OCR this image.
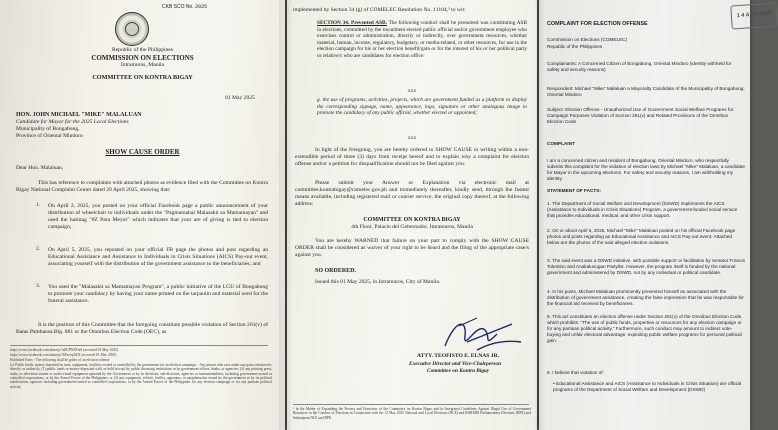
CKB SCO No. 2025
Republic of the Philippines
COMMISSION ON ELECTIONS
Intramuros, Manila
COMMITTEE ON KONTRA BIGAY
01 May 2025
HON. JOHN MICHAEL "MIKE" MALALUAN
Candidate for Mayor for the 2025 Local Elections
Municipality of Bongabong,
Province of Oriental Mindoro
SHOW CAUSE ORDER
Dear Hon. Malaluan,
This has reference to complaints with attached photos as evidence filed with the Committee on Kontra Bigay National Complaint Center dated 29 April 2025, showing that:
1. On April 2, 2025, you posted on your official Facebook page a public announcement of your distribution of wheelchair to individuals under the "Pagmamahal Malasakit sa Mamamayan" and used the hashtag "#Z Para Meyor" which indicates that your are of giving is tied to election campaign;
2. On April 5, 2025, you reposted on your official FB page the photos and post regarding an Educational Assistance and Assistance to Individuals in Crisis Situations (AICS) Pay-out event, associating yourself with the distribution of the government assistance to the beneficiaries; and
3. You used the "Malasakit sa Mamamayan Program", a public initiative of the LGU of Bongabong to promote your candidacy by having your name printed on the tarpaulin and material used for the funeral assistance.
It is the position of this Committee that the foregoing constitute possible violation of Section 261(v) of Batas Pambansa Blg. 881 or the Omnibus Election Code (OEC), as
https://www.facebook.com/share/p/1a9UPNXOzS (accessed 01 May 2025)
https://www.facebook.com/share/p/16Fwvqi5ZX (accessed 01 May 2025)
Published Facts - The following shall be guilty of an election offense:
(v) Public funds, money deposited in trust, equipment, facilities owned or controlled by the government for an election campaign. - Any person who uses under any guise whatsoever, directly or indirectly, (1) public funds or money deposited with, or held in trust by, public financing institutions or by government offices, banks, or agencies; (2) any printing press, radio, or television station or audio-visual equipment operated by the Government or by its divisions, sub-divisions, agencies or instrumentalities, including government-owned or controlled corporations, or by the Armed Forces of the Philippines; or (3) any equipment, vehicle, facility, apparatus, or paraphernalia owned by the government or by its political subdivisions, agencies including government-owned or controlled corporations, or by the Armed Forces of the Philippines for any election campaign or for any partisan political activity.
implemented by Section 34 (g) of COMELEC Resolution No. 11104,³ to wit:
SECTION 34. Prevented ASB. The following conduct shall be presumed was constituting ASB in elections, committed by the incumbent elected public official and/or government employee who exercises control or administration, directly or indirectly, over government resources, whether material, human, income, regulatory, budgetary, or media-related, or other resources, for use in the election campaign for his or her election benefit/gain or for the interest of his or her political party or relative/s who are candidates for election office:
xxx
g. the use of programs, activities, projects, which are government funded as a platform to display the corresponding signage, name, appearance, logo, signature or other analogous image to promote the candidacy of any public official, whether elected or appointed;
xxx
In light of the foregoing, you are hereby ordered to SHOW CAUSE in writing within a non-extendible period of three (3) days from receipt hereof and to explain why a complaint for election offense and/or a petition for disqualification should not be filed against you.
Please submit your Answer or Explanation via electronic mail at committee.kontrabigay@comelec.gov.ph and immediately thereafter, kindly send, through the fastest means available, including registered mail or courier service, the original copy thereof, at the following address:
COMMITTEE ON KONTRA BIGAY
4th Floor, Palacio del Gobernador, Intramuros, Manila
You are hereby WARNED that failure on your part to comply with the SHOW CAUSE ORDER shall be considered as waiver of your right to be heard and the filing of the appropriate case/s against you.
SO ORDERED.
Issued this 01 May 2025, in Intramuros, City of Manila.
ATTY. TEOFISTO E. ELNAS JR.
Executive Director and Vice-Chairperson
Committee on Kontra Bigay
³ In the Matter of Expanding the Powers and Functions of the Committee on Kontra Bigay and its Integrated Guidelines Against Illegal Use of Government Resources in the Conduct of Elections in Connection with the 12 May 2025 National and Local Elections (NLE) and BARMM Parliamentary Elections (BPE) and Subsequent NLE and BPE.
COMPLAINT FOR ELECTION OFFENSE
Commission on Elections (COMELEC)
Republic of the Philippines
1 4 APR 2025
Complainants: A Concerned Citizen of Bongabong, Oriental Mindoro (identity withheld for safety and security reasons)
Respondent: Michael "Mike" Malaluan a Mayoralty Candidate of the Municipality of Bongabong, Oriental Mindoro
Subject: Election Offense - Unauthorized Use of Government Social Welfare Programs for Campaign Purposes Violation of Section 261(v) and Related Provisions of the Omnibus Election Code
COMPLAINT
I am a concerned citizen and resident of Bongabong, Oriental Mindoro, who respectfully submits this complaint for the violation of election laws by Michael "Mike" Malaluan, a candidate for Mayor in the upcoming elections. For safety and security reasons, I am withholding my identity.
STATEMENT OF FACTS:
1. The Department of Social Welfare and Development (DSWD) implements the AICS (Assistance to Individuals in Crisis Situations) Program, a government-funded social service that provides educational, medical, and other crisis support.
2. On or about April 5, 2025, Michael "Mike" Malaluan posted on his official Facebook page photos and posts regarding an Educational Assistance and AICS Pay-out event. Attached below are the photos of the said alleged election violations.
3. The said event was a DSWD initiative, with possible support or facilitation by Senator Francis Tolentino and Anakalusugan Partylist. However, the program itself is funded by the national government and administered by DSWD, not by any individual or political candidate.
4. In his posts, Michael Malaluan prominently presented himself as associated with the distribution of government assistance, creating the false impression that he was responsible for the financial aid received by beneficiaries.
5. This act constitutes an election offense under Section 261(v) of the Omnibus Election Code, which prohibits: "The use of public funds, properties or resources for any election campaign or for any partisan political activity." Furthermore, such conduct may amount to indirect vote-buying and unfair electoral advantage, exploiting public welfare programs for personal political gain.
6. I believe that violation of:
• Educational Assistance and AICS (Assistance to Individuals in Crisis Situation) are official programs of the Department of Social Welfare and Development (DSWD)
